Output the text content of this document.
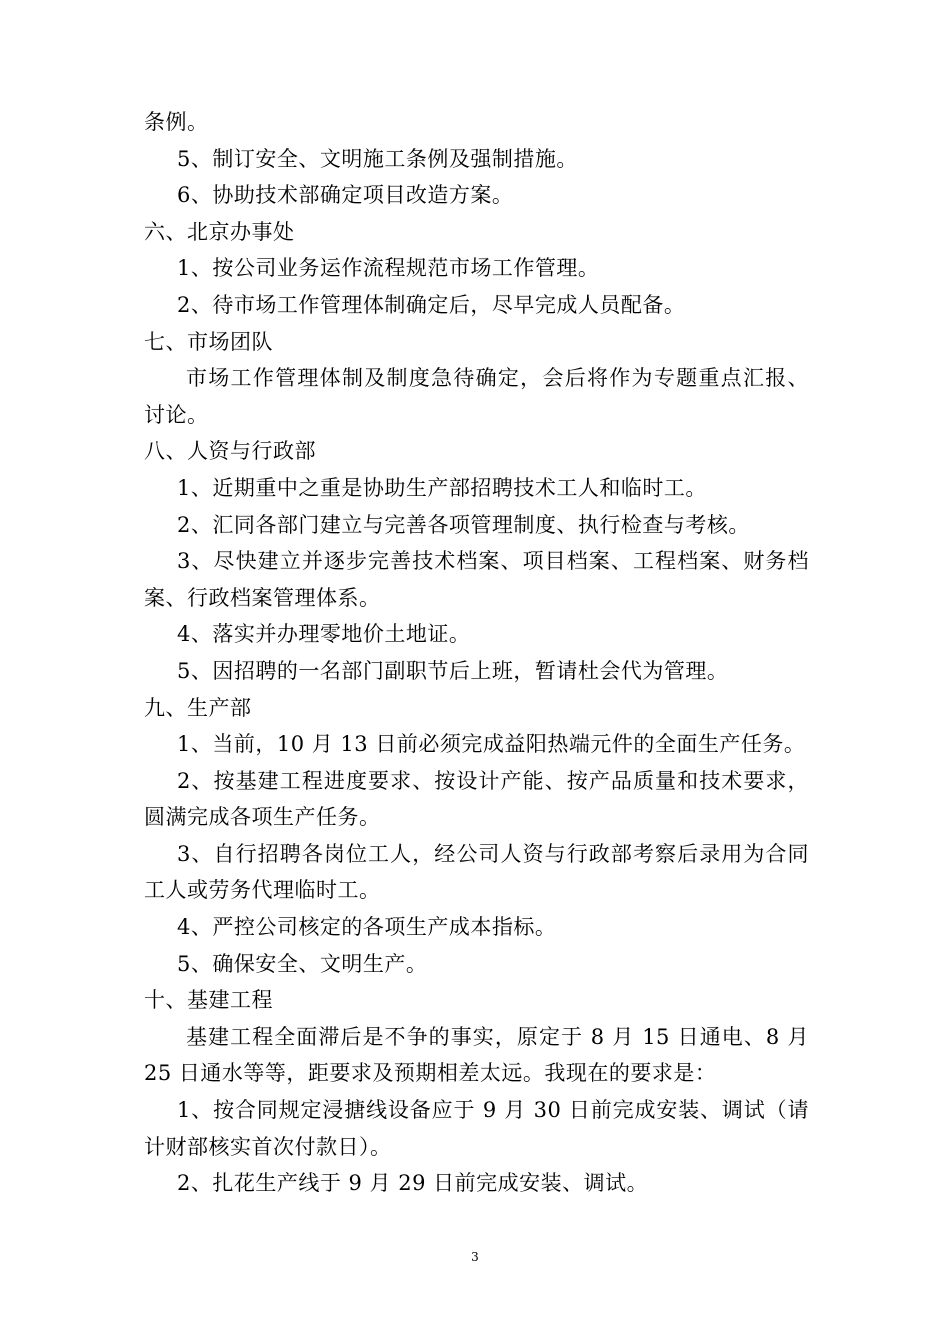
条例。
5、制订安全、文明施工条例及强制措施。
6、协助技术部确定项目改造方案。
六、北京办事处
1、按公司业务运作流程规范市场工作管理。
2、待市场工作管理体制确定后，尽早完成人员配备。
七、市场团队
市场工作管理体制及制度急待确定，会后将作为专题重点汇报、
讨论。
八、人资与行政部
1、近期重中之重是协助生产部招聘技术工人和临时工。
2、汇同各部门建立与完善各项管理制度、执行检查与考核。
3、尽快建立并逐步完善技术档案、项目档案、工程档案、财务档
案、行政档案管理体系。
4、落实并办理零地价土地证。
5、因招聘的一名部门副职节后上班，暂请杜会代为管理。
九、生产部
1、当前，10 月 13 日前必须完成益阳热端元件的全面生产任务。
2、按基建工程进度要求、按设计产能、按产品质量和技术要求，
圆满完成各项生产任务。
3、自行招聘各岗位工人，经公司人资与行政部考察后录用为合同
工人或劳务代理临时工。
4、严控公司核定的各项生产成本指标。
5、确保安全、文明生产。
十、基建工程
基建工程全面滞后是不争的事实，原定于 8 月 15 日通电、8 月
25 日通水等等，距要求及预期相差太远。我现在的要求是：
1、按合同规定浸搪线设备应于 9 月 30 日前完成安装、调试（请
计财部核实首次付款日）。
2、扎花生产线于 9 月 29 日前完成安装、调试。
3
